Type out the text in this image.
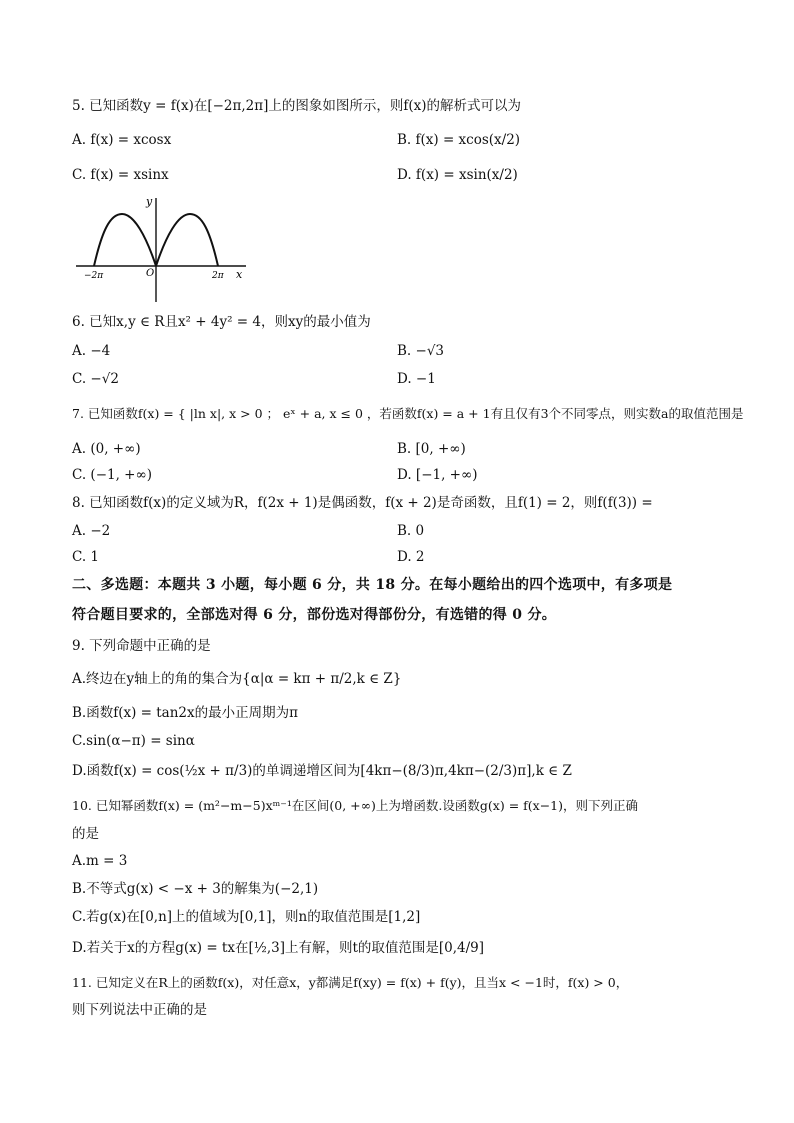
5. 已知函数y = f(x)在[−2π,2π]上的图象如图所示，则f(x)的解析式可以为
A. f(x) = xcosx	B. f(x) = xcos(x/2)
C. f(x) = xsinx	D. f(x) = xsin(x/2)
y
x
O
−2π	2π
6. 已知x,y ∈ R且x² + 4y² = 4，则xy的最小值为
A. −4	B. −√3
C. −√2	D. −1
7. 已知函数f(x) = { |ln x|, x > 0 ； eˣ + a, x ≤ 0 ，若函数f(x) = a + 1有且仅有3个不同零点，则实数a的取值范围是
A. (0, +∞)	B. [0, +∞)
C. (−1, +∞)	D. [−1, +∞)
8. 已知函数f(x)的定义域为R，f(2x + 1)是偶函数，f(x + 2)是奇函数，且f(1) = 2，则f(f(3)) =
A. −2	B. 0
C. 1	D. 2
二、多选题：本题共 3 小题，每小题 6 分，共 18 分。在每小题给出的四个选项中，有多项是
符合题目要求的，全部选对得 6 分，部份选对得部份分，有选错的得 0 分。
9. 下列命题中正确的是
A.终边在y轴上的角的集合为{α|α = kπ + π/2,k ∈ Z}
B.函数f(x) = tan2x的最小正周期为π
C.sin(α−π) = sinα
D.函数f(x) = cos(½x + π/3)的单调递增区间为[4kπ−(8/3)π,4kπ−(2/3)π],k ∈ Z
10. 已知幂函数f(x) = (m²−m−5)xᵐ⁻¹在区间(0, +∞)上为增函数.设函数g(x) = f(x−1)，则下列正确
的是
A.m = 3
B.不等式g(x) < −x + 3的解集为(−2,1)
C.若g(x)在[0,n]上的值域为[0,1]，则n的取值范围是[1,2]
D.若关于x的方程g(x) = tx在[½,3]上有解，则t的取值范围是[0,4/9]
11. 已知定义在R上的函数f(x)，对任意x，y都满足f(xy) = f(x) + f(y)，且当x < −1时，f(x) > 0，
则下列说法中正确的是
